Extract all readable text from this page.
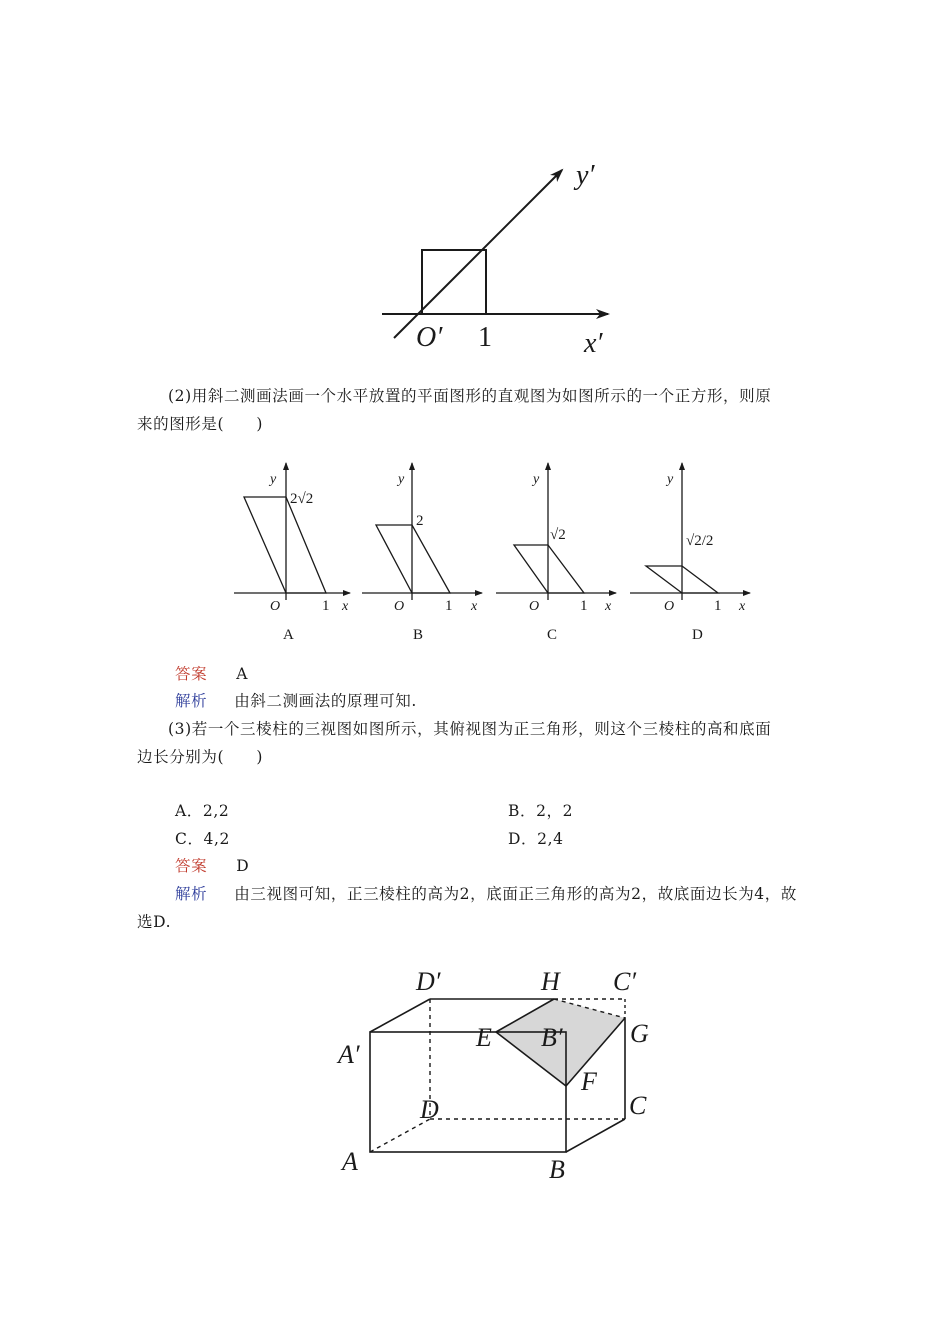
y′
x′
O′ 1
(2)用斜二测画法画一个水平放置的平面图形的直观图为如图所示的一个正方形，则原
来的图形是(　　)
y
O	1 x
2√2
A
y
O	1 x
2
B
y
O	1 x
√2
C
y
O	1 x
√2/2
D
答案 A
解析 由斜二测画法的原理可知.
(3)若一个三棱柱的三视图如图所示，其俯视图为正三角形，则这个三棱柱的高和底面
边长分别为(　　)
A．2,2	B．2，2
C．4,2	D．2,4
答案 D
解析 由三视图可知，正三棱柱的高为2，底面正三角形的高为2，故底面边长为4，故
选D.
D′	H C′
A′
E B′	G
F
D	C
A	B
